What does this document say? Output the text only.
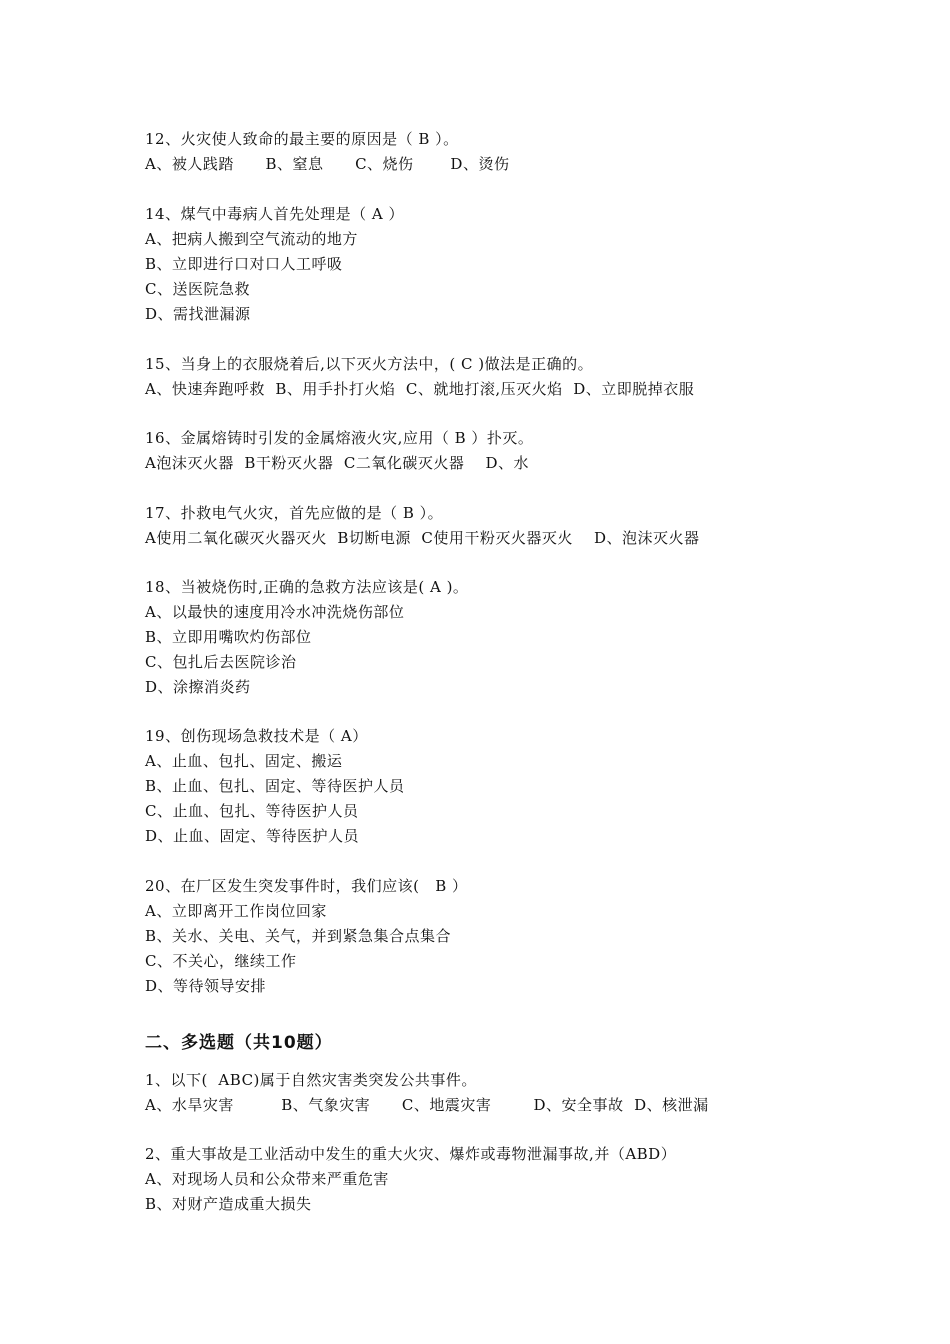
12、火灾使人致命的最主要的原因是（ B ）。
A、被人践踏      B、窒息      C、烧伤       D、烫伤
14、煤气中毒病人首先处理是（ A ）
A、把病人搬到空气流动的地方
B、立即进行口对口人工呼吸
C、送医院急救
D、需找泄漏源
15、当身上的衣服烧着后,以下灭火方法中，( C )做法是正确的。
A、快速奔跑呼救  B、用手扑打火焰  C、就地打滚,压灭火焰  D、立即脱掉衣服
16、金属熔铸时引发的金属熔液火灾,应用（ B ）扑灭。
A泡沫灭火器  B干粉灭火器  C二氧化碳灭火器    D、水
17、扑救电气火灾，首先应做的是（ B ）。
A使用二氧化碳灭火器灭火  B切断电源  C使用干粉灭火器灭火    D、泡沫灭火器
18、当被烧伤时,正确的急救方法应该是( A )。
A、以最快的速度用冷水冲洗烧伤部位
B、立即用嘴吹灼伤部位
C、包扎后去医院诊治
D、涂擦消炎药
19、创伤现场急救技术是（ A）
A、止血、包扎、固定、搬运
B、止血、包扎、固定、等待医护人员
C、止血、包扎、等待医护人员
D、止血、固定、等待医护人员
20、在厂区发生突发事件时，我们应该(   B ）
A、立即离开工作岗位回家
B、关水、关电、关气，并到紧急集合点集合
C、不关心，继续工作
D、等待领导安排
二、多选题（共10题）
1、以下(  ABC)属于自然灾害类突发公共事件。
A、水旱灾害         B、气象灾害      C、地震灾害        D、安全事故  D、核泄漏
2、重大事故是工业活动中发生的重大火灾、爆炸或毒物泄漏事故,并（ABD）
A、对现场人员和公众带来严重危害
B、对财产造成重大损失
